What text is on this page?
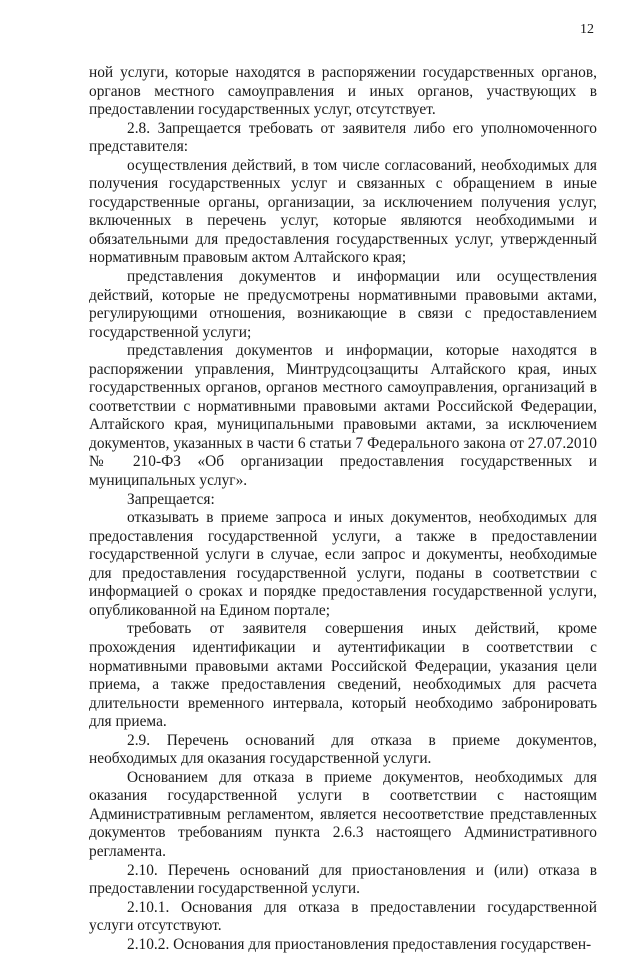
12

ной услуги, которые находятся в распоряжении государственных органов, органов местного самоуправления и иных органов, участвующих в предоставлении государственных услуг, отсутствует.

2.8. Запрещается требовать от заявителя либо его уполномоченного представителя:

осуществления действий, в том числе согласований, необходимых для получения государственных услуг и связанных с обращением в иные государственные органы, организации, за исключением получения услуг, включенных в перечень услуг, которые являются необходимыми и обязательными для предоставления государственных услуг, утвержденный нормативным правовым актом Алтайского края;

представления документов и информации или осуществления действий, которые не предусмотрены нормативными правовыми актами, регулирующими отношения, возникающие в связи с предоставлением государственной услуги;

представления документов и информации, которые находятся в распоряжении управления, Минтрудсоцзащиты Алтайского края, иных государственных органов, органов местного самоуправления, организаций в соответствии с нормативными правовыми актами Российской Федерации, Алтайского края, муниципальными правовыми актами, за исключением документов, указанных в части 6 статьи 7 Федерального закона от 27.07.2010 № 210-ФЗ «Об организации предоставления государственных и муниципальных услуг».

Запрещается:

отказывать в приеме запроса и иных документов, необходимых для предоставления государственной услуги, а также в предоставлении государственной услуги в случае, если запрос и документы, необходимые для предоставления государственной услуги, поданы в соответствии с информацией о сроках и порядке предоставления государственной услуги, опубликованной на Едином портале;

требовать от заявителя совершения иных действий, кроме прохождения идентификации и аутентификации в соответствии с нормативными правовыми актами Российской Федерации, указания цели приема, а также предоставления сведений, необходимых для расчета длительности временного интервала, который необходимо забронировать для приема.

2.9. Перечень оснований для отказа в приеме документов, необходимых для оказания государственной услуги.

Основанием для отказа в приеме документов, необходимых для оказания государственной услуги в соответствии с настоящим Административным регламентом, является несоответствие представленных документов требованиям пункта 2.6.3 настоящего Административного регламента.

2.10. Перечень оснований для приостановления и (или) отказа в предоставлении государственной услуги.

2.10.1. Основания для отказа в предоставлении государственной услуги отсутствуют.

2.10.2. Основания для приостановления предоставления государствен-
